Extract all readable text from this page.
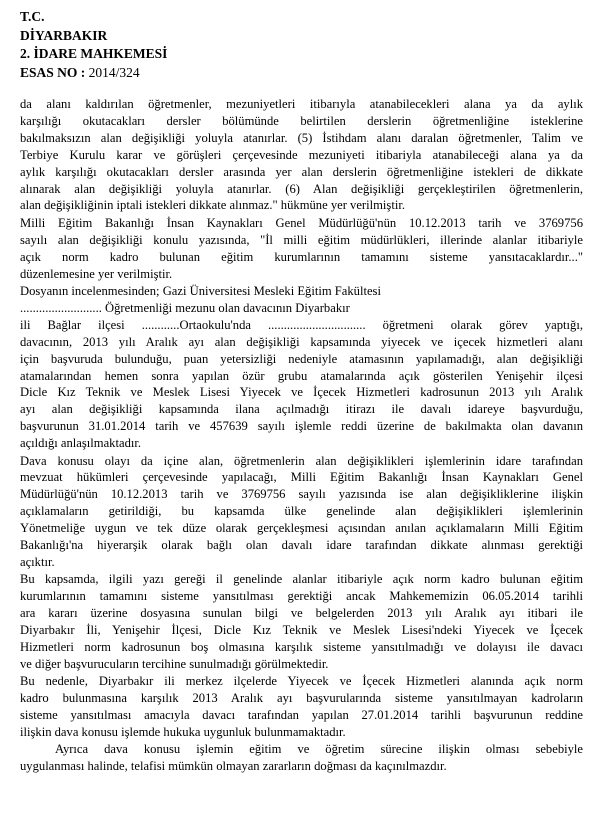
T.C.
DİYARBAKIR
2. İDARE MAHKEMESİ
ESAS NO : 2014/324

da alanı kaldırılan öğretmenler, mezuniyetleri itibarıyla atanabilecekleri alana ya da aylık
karşılığı okutacakları dersler bölümünde belirtilen derslerin öğretmenliğine isteklerine
bakılmaksızın alan değişikliği yoluyla atanırlar. (5) İstihdam alanı daralan öğretmenler, Talim ve
Terbiye Kurulu karar ve görüşleri çerçevesinde mezuniyeti itibariyla atanabileceği alana ya da
aylık karşılığı okutacakları dersler arasında yer alan derslerin öğretmenliğine istekleri de dikkate
alınarak alan değişikliği yoluyla atanırlar. (6) Alan değişikliği gerçekleştirilen öğretmenlerin,
alan değişikliğinin iptali istekleri dikkate alınmaz." hükmüne yer verilmiştir.

Milli Eğitim Bakanlığı İnsan Kaynakları Genel Müdürlüğü'nün 10.12.2013 tarih ve 3769756
sayılı alan değişikliği konulu yazısında, "İl milli eğitim müdürlükleri, illerinde alanlar itibariyle
açık norm kadro bulunan eğitim kurumlarının tamamını sisteme yansıtacaklardır..."
düzenlemesine yer verilmiştir.

Dosyanın incelenmesinden; Gazi Üniversitesi Mesleki Eğitim Fakültesi
.......................... Öğretmenliği mezunu olan davacının Diyarbakır
ili Bağlar ilçesi ............Ortaokulu'nda ............................... öğretmeni olarak görev yaptığı,
davacının, 2013 yılı Aralık ayı alan değişikliği kapsamında yiyecek ve içecek hizmetleri alanı
için başvuruda bulunduğu, puan yetersizliği nedeniyle atamasının yapılamadığı, alan değişikliği
atamalarından hemen sonra yapılan özür grubu atamalarında açık gösterilen Yenişehir ilçesi
Dicle Kız Teknik ve Meslek Lisesi Yiyecek ve İçecek Hizmetleri kadrosunun 2013 yılı Aralık
ayı alan değişikliği kapsamında ilana açılmadığı itirazı ile davalı idareye başvurduğu,
başvurunun 31.01.2014 tarih ve 457639 sayılı işlemle reddi üzerine de bakılmakta olan davanın
açıldığı anlaşılmaktadır.

Dava konusu olayı da içine alan, öğretmenlerin alan değişiklikleri işlemlerinin idare tarafından
mevzuat hükümleri çerçevesinde yapılacağı, Milli Eğitim Bakanlığı İnsan Kaynakları Genel
Müdürlüğü'nün 10.12.2013 tarih ve 3769756 sayılı yazısında ise alan değişikliklerine ilişkin
açıklamaların getirildiği, bu kapsamda ülke genelinde alan değişiklikleri işlemlerinin
Yönetmeliğe uygun ve tek düze olarak gerçekleşmesi açısından anılan açıklamaların Milli Eğitim
Bakanlığı'na hiyerarşik olarak bağlı olan davalı idare tarafından dikkate alınması gerektiği
açıktır.

Bu kapsamda, ilgili yazı gereği il genelinde alanlar itibariyle açık norm kadro bulunan eğitim
kurumlarının tamamını sisteme yansıtılması gerektiği ancak Mahkememizin 06.05.2014 tarihli
ara kararı üzerine dosyasına sunulan bilgi ve belgelerden 2013 yılı Aralık ayı itibari ile
Diyarbakır İli, Yenişehir İlçesi, Dicle Kız Teknik ve Meslek Lisesi'ndeki Yiyecek ve İçecek
Hizmetleri norm kadrosunun boş olmasına karşılık sisteme yansıtılmadığı ve dolayısı ile davacı
ve diğer başvurucuların tercihine sunulmadığı görülmektedir.

Bu nedenle, Diyarbakır ili merkez ilçelerde Yiyecek ve İçecek Hizmetleri alanında açık norm
kadro bulunmasına karşılık 2013 Aralık ayı başvurularında sisteme yansıtılmayan kadroların
sisteme yansıtılması amacıyla davacı tarafından yapılan 27.01.2014 tarihli başvurunun reddine
ilişkin dava konusu işlemde hukuka uygunluk bulunmamaktadır.

Ayrıca dava konusu işlemin eğitim ve öğretim sürecine ilişkin olması sebebiyle
uygulanması halinde, telafisi mümkün olmayan zararların doğması da kaçınılmazdır.
